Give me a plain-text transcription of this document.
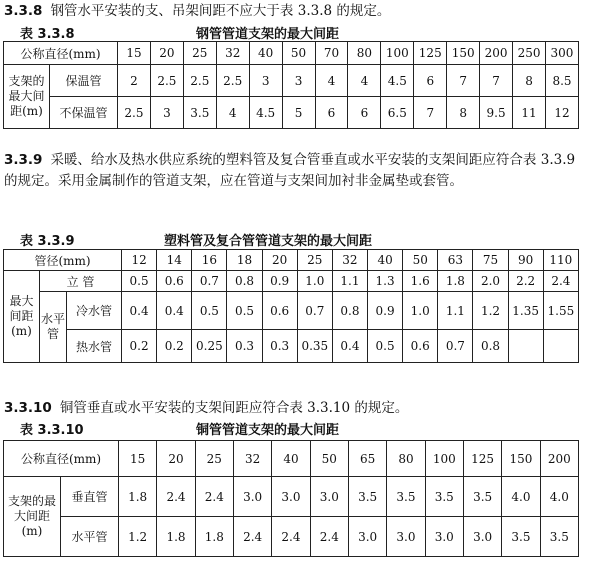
3.3.8 钢管水平安装的支、吊架间距不应大于表 3.3.8 的规定。

表 3.3.8	钢管管道支架的最大间距
公称直径(mm)		15	20	25	32	40	50	70	80	100	125	150	200	250	300
支架的最大间距(m)	保温管	2	2.5	2.5	2.5	3	3	4	4	4.5	6	7	7	8	8.5
	不保温管	2.5	3	3.5	4	4.5	5	6	6	6.5	7	8	9.5	11	12

3.3.9 采暖、给水及热水供应系统的塑料管及复合管垂直或水平安装的支架间距应符合表 3.3.9 的规定。采用金属制作的管道支架，应在管道与支架间加衬非金属垫或套管。

表 3.3.9	塑料管及复合管管道支架的最大间距
管径(mm)			12	14	16	18	20	25	32	40	50	63	75	90	110
最大间距(m)	立 管		0.5	0.6	0.7	0.8	0.9	1.0	1.1	1.3	1.6	1.8	2.0	2.2	2.4
	水平管	冷水管	0.4	0.4	0.5	0.5	0.6	0.7	0.8	0.9	1.0	1.1	1.2	1.35	1.55
		热水管	0.2	0.2	0.25	0.3	0.3	0.35	0.4	0.5	0.6	0.7	0.8		

3.3.10 铜管垂直或水平安装的支架间距应符合表 3.3.10 的规定。

表 3.3.10	铜管管道支架的最大间距
公称直径(mm)		15	20	25	32	40	50	65	80	100	125	150	200
支架的最大间距(m)	垂直管	1.8	2.4	2.4	3.0	3.0	3.0	3.5	3.5	3.5	3.5	4.0	4.0
	水平管	1.2	1.8	1.8	2.4	2.4	2.4	3.0	3.0	3.0	3.0	3.5	3.5
